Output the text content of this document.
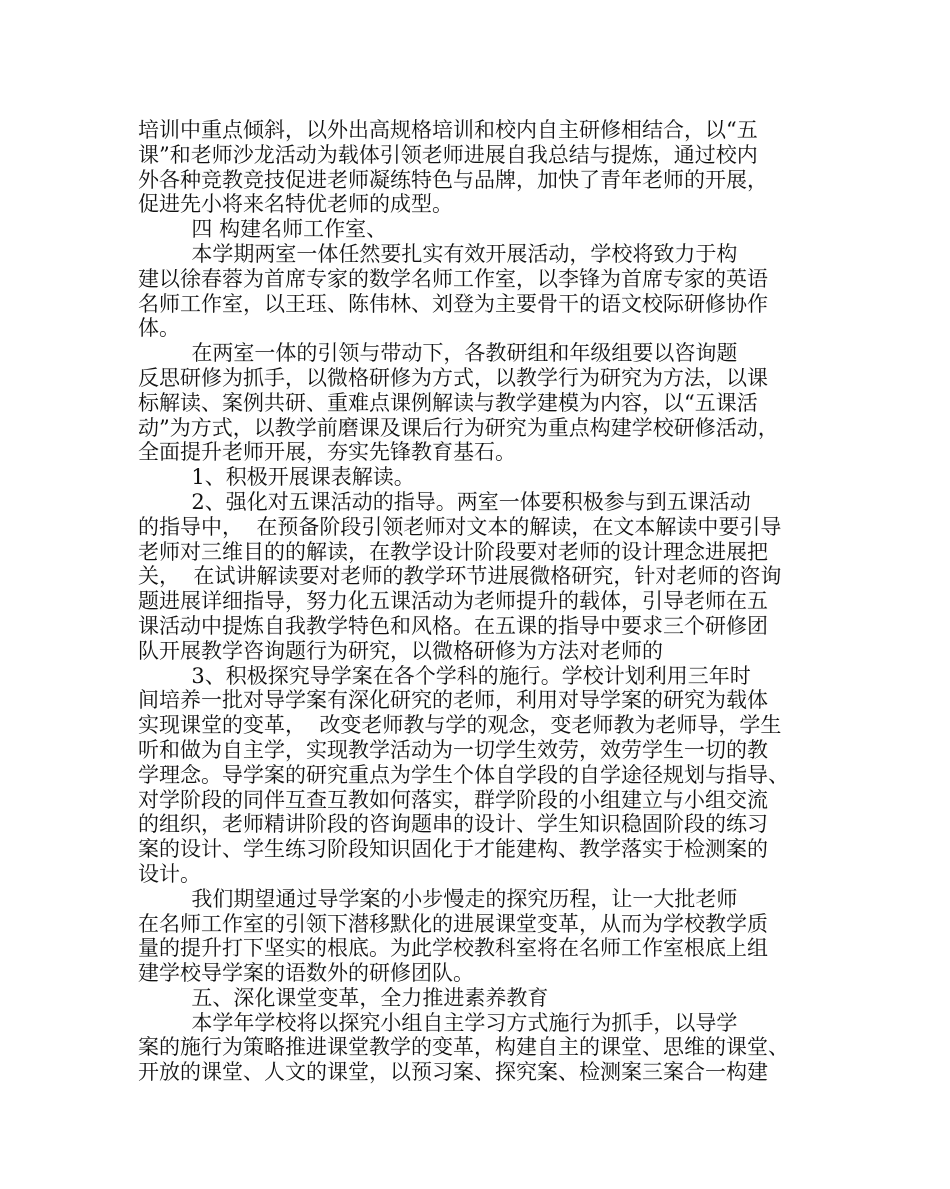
培训中重点倾斜，以外出高规格培训和校内自主研修相结合，以“五

课”和老师沙龙活动为载体引领老师进展自我总结与提炼，通过校内

外各种竞教竞技促进老师凝练特色与品牌，加快了青年老师的开展，

促进先小将来名特优老师的成型。

四 构建名师工作室、

本学期两室一体任然要扎实有效开展活动，学校将致力于构

建以徐春蓉为首席专家的数学名师工作室，以李锋为首席专家的英语

名师工作室，以王珏、陈伟林、刘登为主要骨干的语文校际研修协作

体。

在两室一体的引领与带动下，各教研组和年级组要以咨询题

反思研修为抓手，以微格研修为方式，以教学行为研究为方法，以课

标解读、案例共研、重难点课例解读与教学建模为内容，以“五课活

动”为方式，以教学前磨课及课后行为研究为重点构建学校研修活动，

全面提升老师开展，夯实先锋教育基石。

1、积极开展课表解读。

2、强化对五课活动的指导。两室一体要积极参与到五课活动

的指导中，  在预备阶段引领老师对文本的解读，在文本解读中要引导

老师对三维目的的解读，在教学设计阶段要对老师的设计理念进展把

关，  在试讲解读要对老师的教学环节进展微格研究，针对老师的咨询

题进展详细指导，努力化五课活动为老师提升的载体，引导老师在五

课活动中提炼自我教学特色和风格。在五课的指导中要求三个研修团

队开展教学咨询题行为研究，以微格研修为方法对老师的

3、积极探究导学案在各个学科的施行。学校计划利用三年时

间培养一批对导学案有深化研究的老师，利用对导学案的研究为载体

实现课堂的变革，  改变老师教与学的观念，变老师教为老师导，学生

听和做为自主学，实现教学活动为一切学生效劳，效劳学生一切的教

学理念。导学案的研究重点为学生个体自学段的自学途径规划与指导、

对学阶段的同伴互查互教如何落实，群学阶段的小组建立与小组交流

的组织，老师精讲阶段的咨询题串的设计、学生知识稳固阶段的练习

案的设计、学生练习阶段知识固化于才能建构、教学落实于检测案的

设计。

我们期望通过导学案的小步慢走的探究历程，让一大批老师

在名师工作室的引领下潜移默化的进展课堂变革，从而为学校教学质

量的提升打下坚实的根底。为此学校教科室将在名师工作室根底上组

建学校导学案的语数外的研修团队。

五、深化课堂变革，全力推进素养教育

本学年学校将以探究小组自主学习方式施行为抓手，以导学

案的施行为策略推进课堂教学的变革，构建自主的课堂、思维的课堂、

开放的课堂、人文的课堂，以预习案、探究案、检测案三案合一构建
